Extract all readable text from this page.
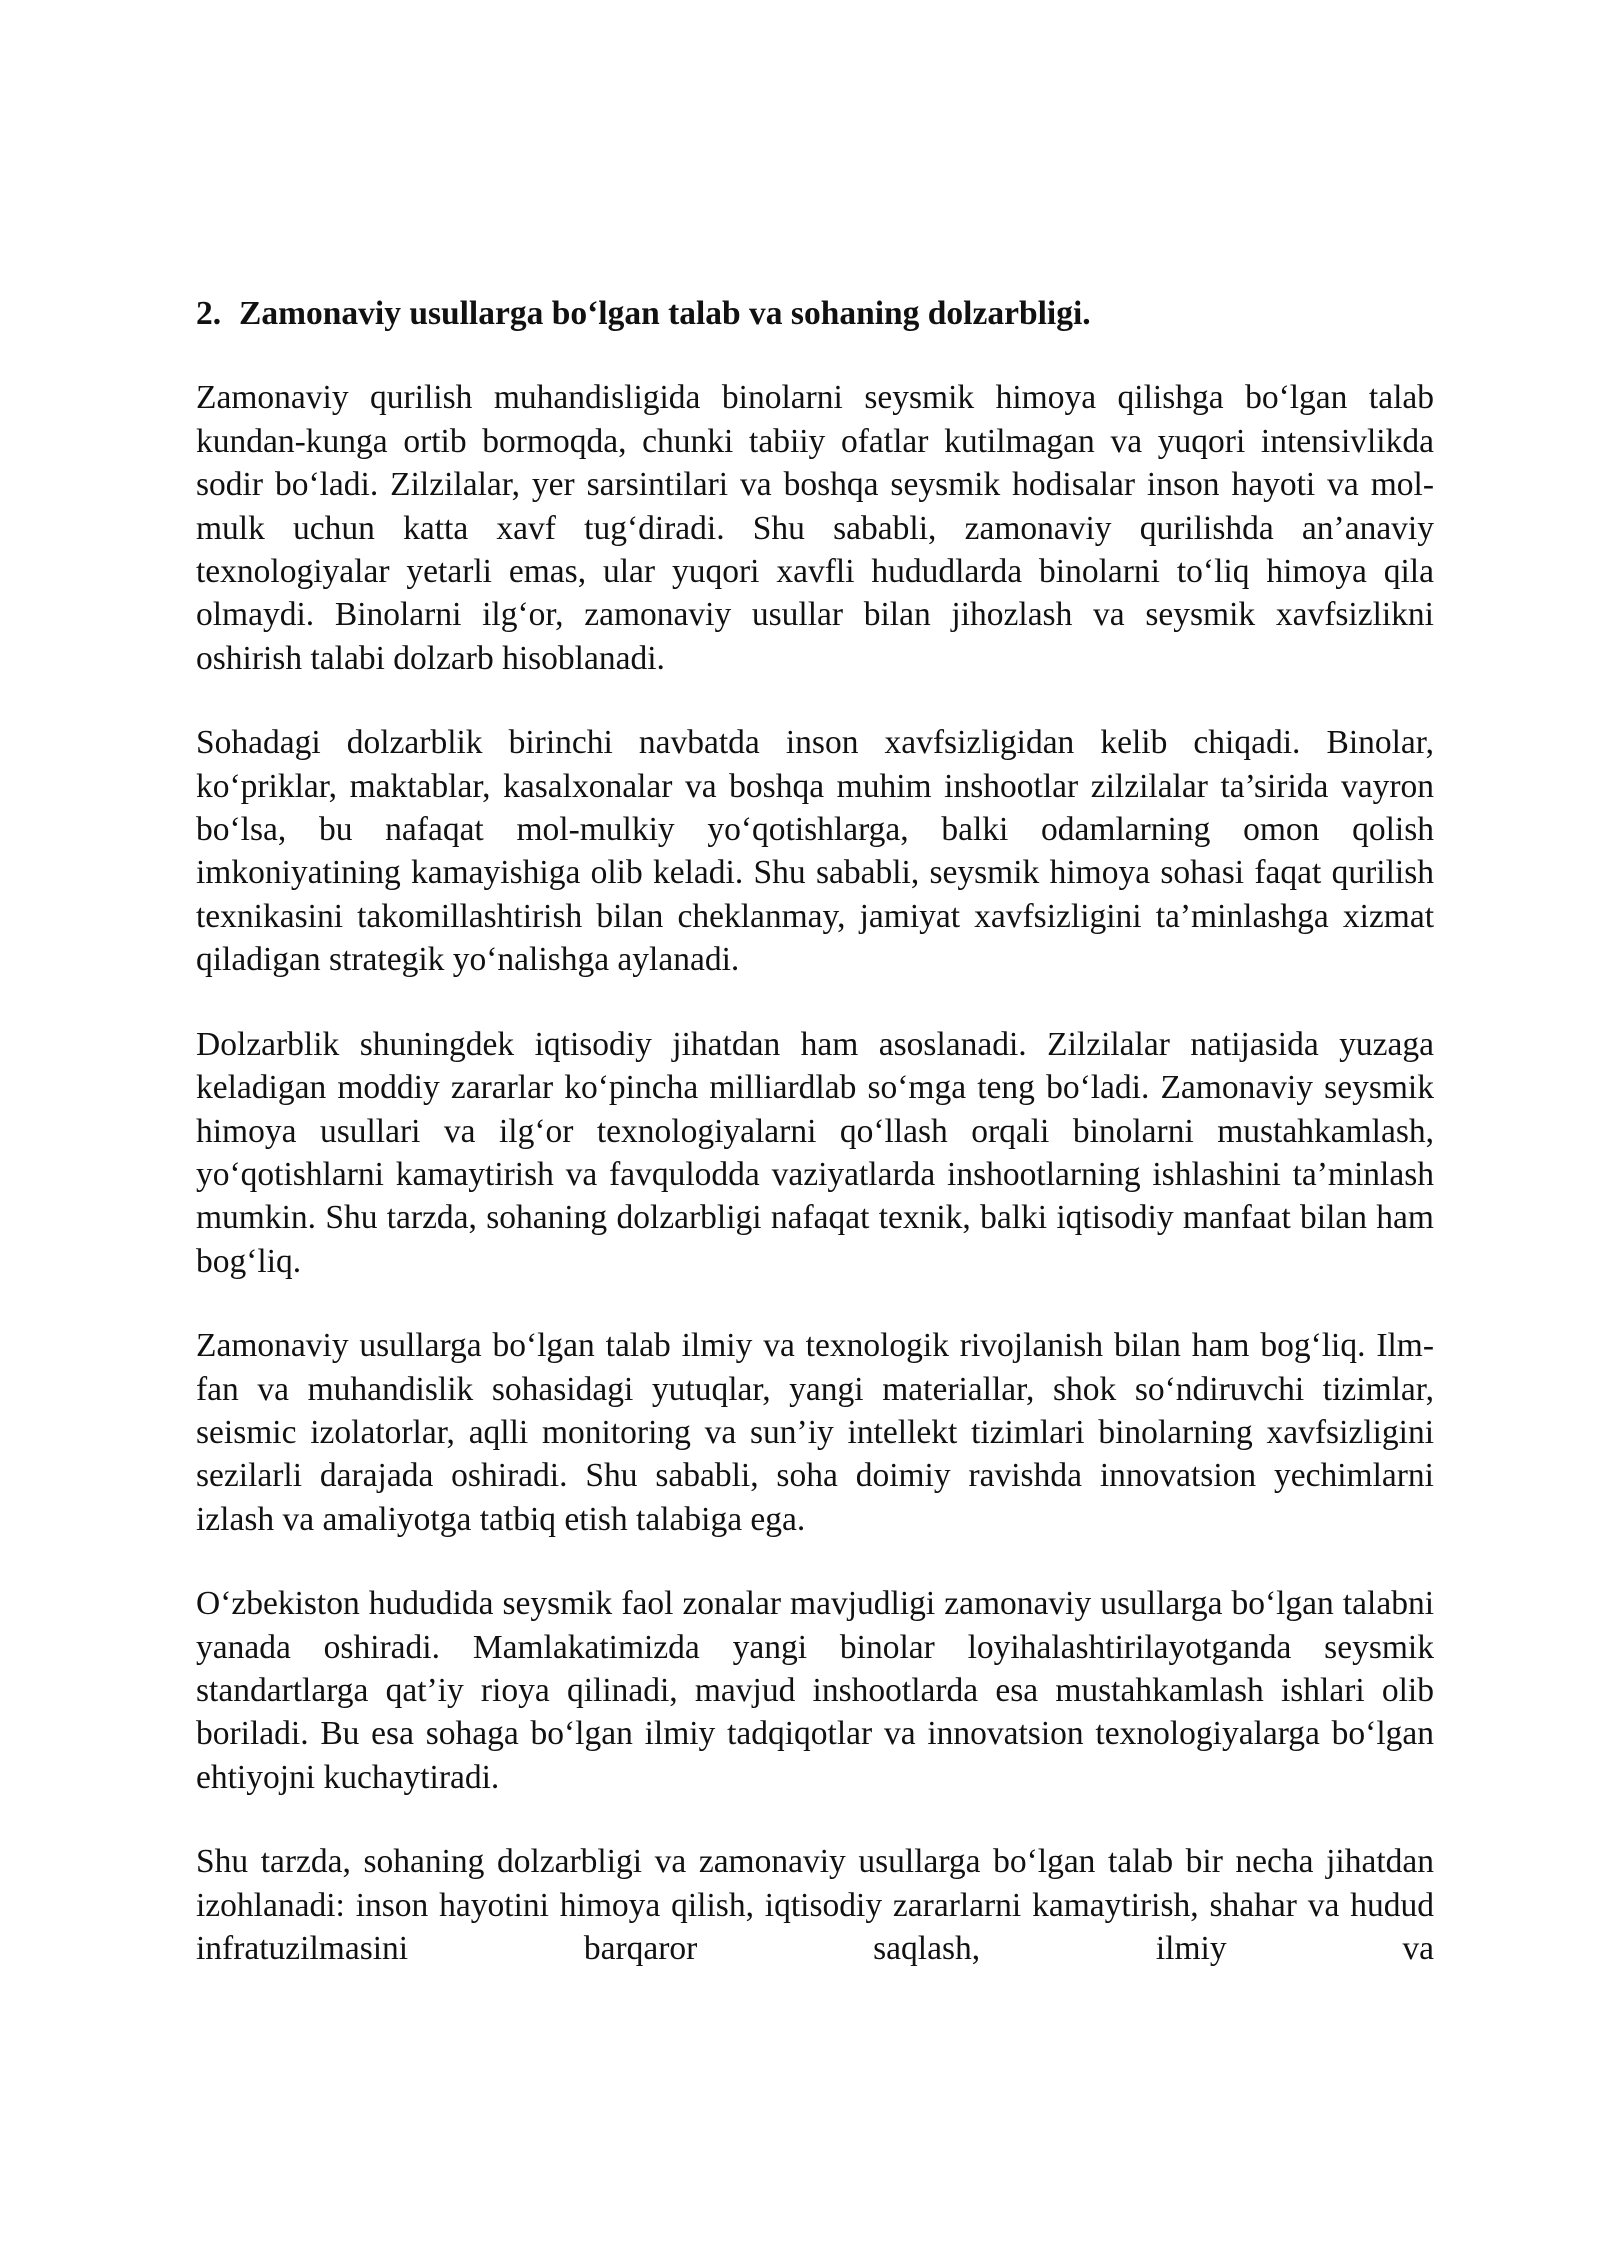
2. Zamonaviy usullarga bo‘lgan talab va sohaning dolzarbligi.

Zamonaviy qurilish muhandisligida binolarni seysmik himoya qilishga bo‘lgan talab kundan-kunga ortib bormoqda, chunki tabiiy ofatlar kutilmagan va yuqori intensivlikda sodir bo‘ladi. Zilzilalar, yer sarsintilari va boshqa seysmik hodisalar inson hayoti va mol-mulk uchun katta xavf tug‘diradi. Shu sababli, zamonaviy qurilishda an’anaviy texnologiyalar yetarli emas, ular yuqori xavfli hududlarda binolarni to‘liq himoya qila olmaydi. Binolarni ilg‘or, zamonaviy usullar bilan jihozlash va seysmik xavfsizlikni oshirish talabi dolzarb hisoblanadi.

Sohadagi dolzarblik birinchi navbatda inson xavfsizligidan kelib chiqadi. Binolar, ko‘priklar, maktablar, kasalxonalar va boshqa muhim inshootlar zilzilalar ta’sirida vayron bo‘lsa, bu nafaqat mol-mulkiy yo‘qotishlarga, balki odamlarning omon qolish imkoniyatining kamayishiga olib keladi. Shu sababli, seysmik himoya sohasi faqat qurilish texnikasini takomillashtirish bilan cheklanmay, jamiyat xavfsizligini ta’minlashga xizmat qiladigan strategik yo‘nalishga aylanadi.

Dolzarblik shuningdek iqtisodiy jihatdan ham asoslanadi. Zilzilalar natijasida yuzaga keladigan moddiy zararlar ko‘pincha milliardlab so‘mga teng bo‘ladi. Zamonaviy seysmik himoya usullari va ilg‘or texnologiyalarni qo‘llash orqali binolarni mustahkamlash, yo‘qotishlarni kamaytirish va favqulodda vaziyatlarda inshootlarning ishlashini ta’minlash mumkin. Shu tarzda, sohaning dolzarbligi nafaqat texnik, balki iqtisodiy manfaat bilan ham bog‘liq.

Zamonaviy usullarga bo‘lgan talab ilmiy va texnologik rivojlanish bilan ham bog‘liq. Ilm-fan va muhandislik sohasidagi yutuqlar, yangi materiallar, shok so‘ndiruvchi tizimlar, seismic izolatorlar, aqlli monitoring va sun’iy intellekt tizimlari binolarning xavfsizligini sezilarli darajada oshiradi. Shu sababli, soha doimiy ravishda innovatsion yechimlarni izlash va amaliyotga tatbiq etish talabiga ega.

O‘zbekiston hududida seysmik faol zonalar mavjudligi zamonaviy usullarga bo‘lgan talabni yanada oshiradi. Mamlakatimizda yangi binolar loyihalashtirilayotganda seysmik standartlarga qat’iy rioya qilinadi, mavjud inshootlarda esa mustahkamlash ishlari olib boriladi. Bu esa sohaga bo‘lgan ilmiy tadqiqotlar va innovatsion texnologiyalarga bo‘lgan ehtiyojni kuchaytiradi.

Shu tarzda, sohaning dolzarbligi va zamonaviy usullarga bo‘lgan talab bir necha jihatdan izohlanadi: inson hayotini himoya qilish, iqtisodiy zararlarni kamaytirish, shahar va hudud infratuzilmasini barqaror saqlash, ilmiy va
